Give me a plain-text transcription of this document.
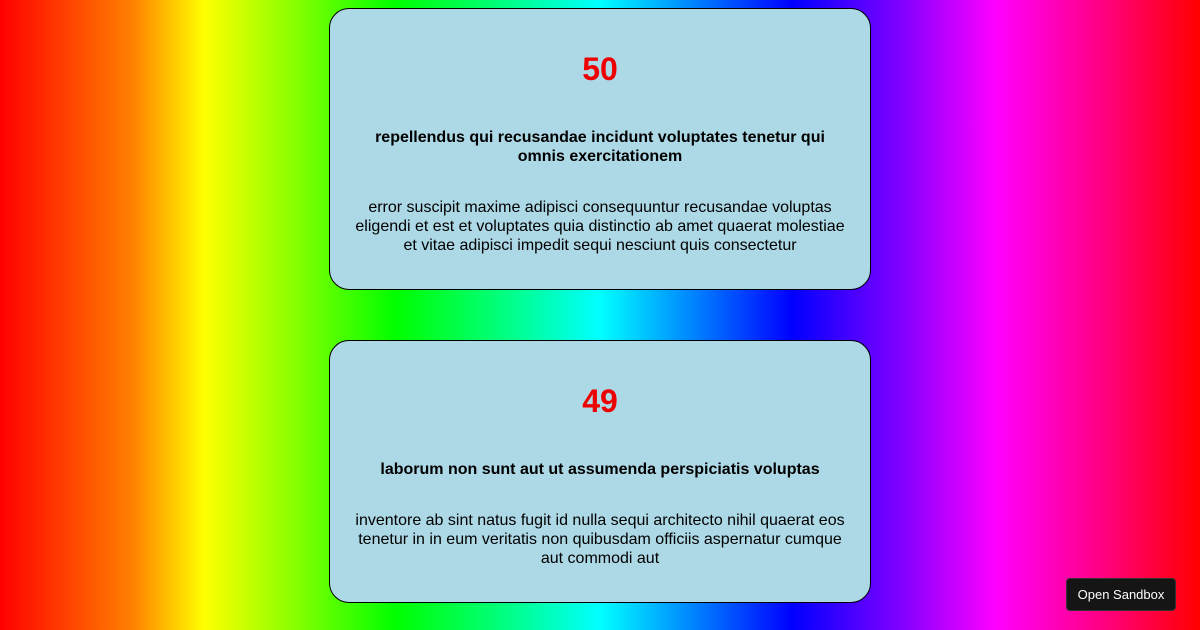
50

repellendus qui recusandae incidunt voluptates tenetur qui omnis exercitationem

error suscipit maxime adipisci consequuntur recusandae voluptas eligendi et est et voluptates quia distinctio ab amet quaerat molestiae et vitae adipisci impedit sequi nesciunt quis consectetur

49

laborum non sunt aut ut assumenda perspiciatis voluptas

inventore ab sint natus fugit id nulla sequi architecto nihil quaerat eos tenetur in in eum veritatis non quibusdam officiis aspernatur cumque aut commodi aut

Open Sandbox
